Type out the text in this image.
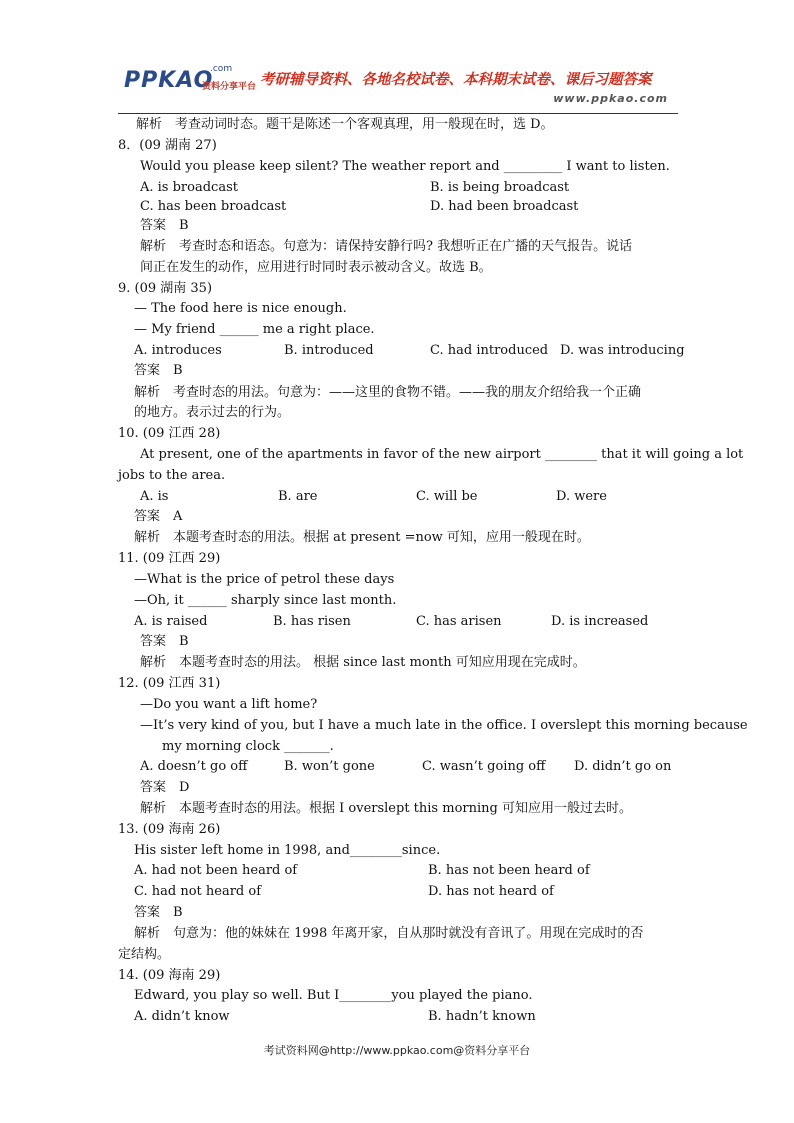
PPKAO
.com
资料分享平台 考研辅导资料、各地名校试卷、本科期末试卷、课后习题答案
www.ppkao.com
解析　考查动词时态。题干是陈述一个客观真理，用一般现在时，选 D。
8．(09 湖南 27)
Would you please keep silent? The weather report and _________ I want to listen.
A. is broadcast	B. is being broadcast
C. has been broadcast	D. had been broadcast
答案　B
解析　考查时态和语态。句意为：请保持安静行吗? 我想听正在广播的天气报告。说话
间正在发生的动作，应用进行时同时表示被动含义。故选 B。
9. (09 湖南 35)
— The food here is nice enough.
— My friend ______ me a right place.
A. introduces	B. introduced	C. had introduced D. was introducing
答案　B
解析　考查时态的用法。句意为：——这里的食物不错。——我的朋友介绍给我一个正确
的地方。表示过去的行为。
10. (09 江西 28)
At present, one of the apartments in favor of the new airport ________ that it will going a lot
jobs to the area.
A. is	B. are	C. will be	D. were
答案　A
解析　本题考查时态的用法。根据 at present =now 可知，应用一般现在时。
11. (09 江西 29)
—What is the price of petrol these days
—Oh, it ______ sharply since last month.
A. is raised	B. has risen	C. has arisen	D. is increased
答案　B
解析　本题考查时态的用法。 根据 since last month 可知应用现在完成时。
12. (09 江西 31)
—Do you want a lift home?
—It’s very kind of you, but I have a much late in the office. I overslept this morning because
my morning clock _______.
A. doesn’t go off	B. won’t gone	C. wasn’t going off D. didn’t go on
答案　D
解析　本题考查时态的用法。根据 I overslept this morning 可知应用一般过去时。
13. (09 海南 26)
His sister left home in 1998, and________since.
A. had not been heard of	B. has not been heard of
C. had not heard of	D. has not heard of
答案　B
解析　句意为：他的妹妹在 1998 年离开家，自从那时就没有音讯了。用现在完成时的否
定结构。
14. (09 海南 29)
Edward, you play so well. But I________you played the piano.
A. didn’t know	B. hadn’t known
考试资料网@http://www.ppkao.com@资料分享平台
